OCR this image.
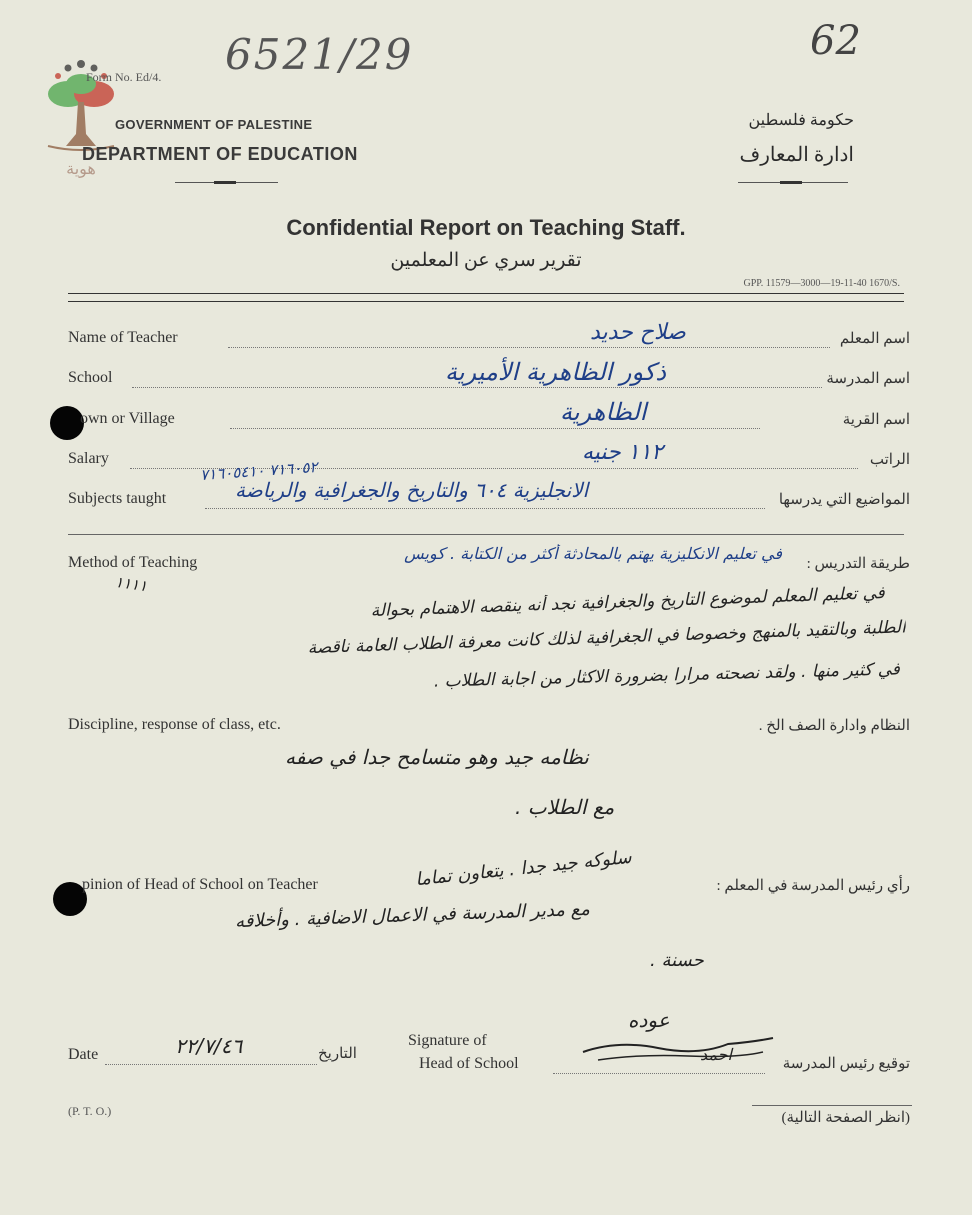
هوية
Form No. Ed/4. 6521/29	62
GOVERNMENT OF PALESTINE
DEPARTMENT OF EDUCATION
حكومة فلسطين
ادارة المعارف
Confidential Report on Teaching Staff.
تقرير سري عن المعلمين
GPP. 11579—3000—19-11-40 1670/S.
Name of Teacher	اسم المعلم
صلاح حديد
School	اسم المدرسة
ذكور الظاهرية الأميرية
own or Village	اسم القرية
الظاهرية
Salary	الراتب
١١٢ جنيه
Subjects taught	المواضيع التي يدرسها
الانجليزية ٦٠٤ والتاريخ والجغرافية والرياضة
٧١٦٠٥٢ ٧١٦٠٥٤١٠
Method of Teaching	طريقة التدريس :
في تعليم الانكليزية يهتم بالمحادثة أكثر من الكتابة . كويس
١١١١	في تعليم المعلم لموضوع التاريخ والجغرافية نجد أنه ينقصه الاهتمام بحوالة
الطلبة وبالتقيد بالمنهج وخصوصا في الجغرافية لذلك كانت معرفة الطلاب العامة ناقصة
في كثير منها . ولقد نصحته مرارا بضرورة الاكثار من اجابة الطلاب .
Discipline, response of class, etc.	النظام وادارة الصف الخ .
نظامه جيد وهو متسامح جدا في صفه
مع الطلاب .
pinion of Head of School on Teacher	رأي رئيس المدرسة في المعلم :
سلوكه جيد جدا . يتعاون تماما
مع مدير المدرسة في الاعمال الاضافية . وأخلاقه
حسنة .
Date	٢٢/٧/٤٦	التاريخ
Signature of
Head of School
عوده
احمد	توقيع رئيس المدرسة
(P. T. O.)	(انظر الصفحة التالية)
